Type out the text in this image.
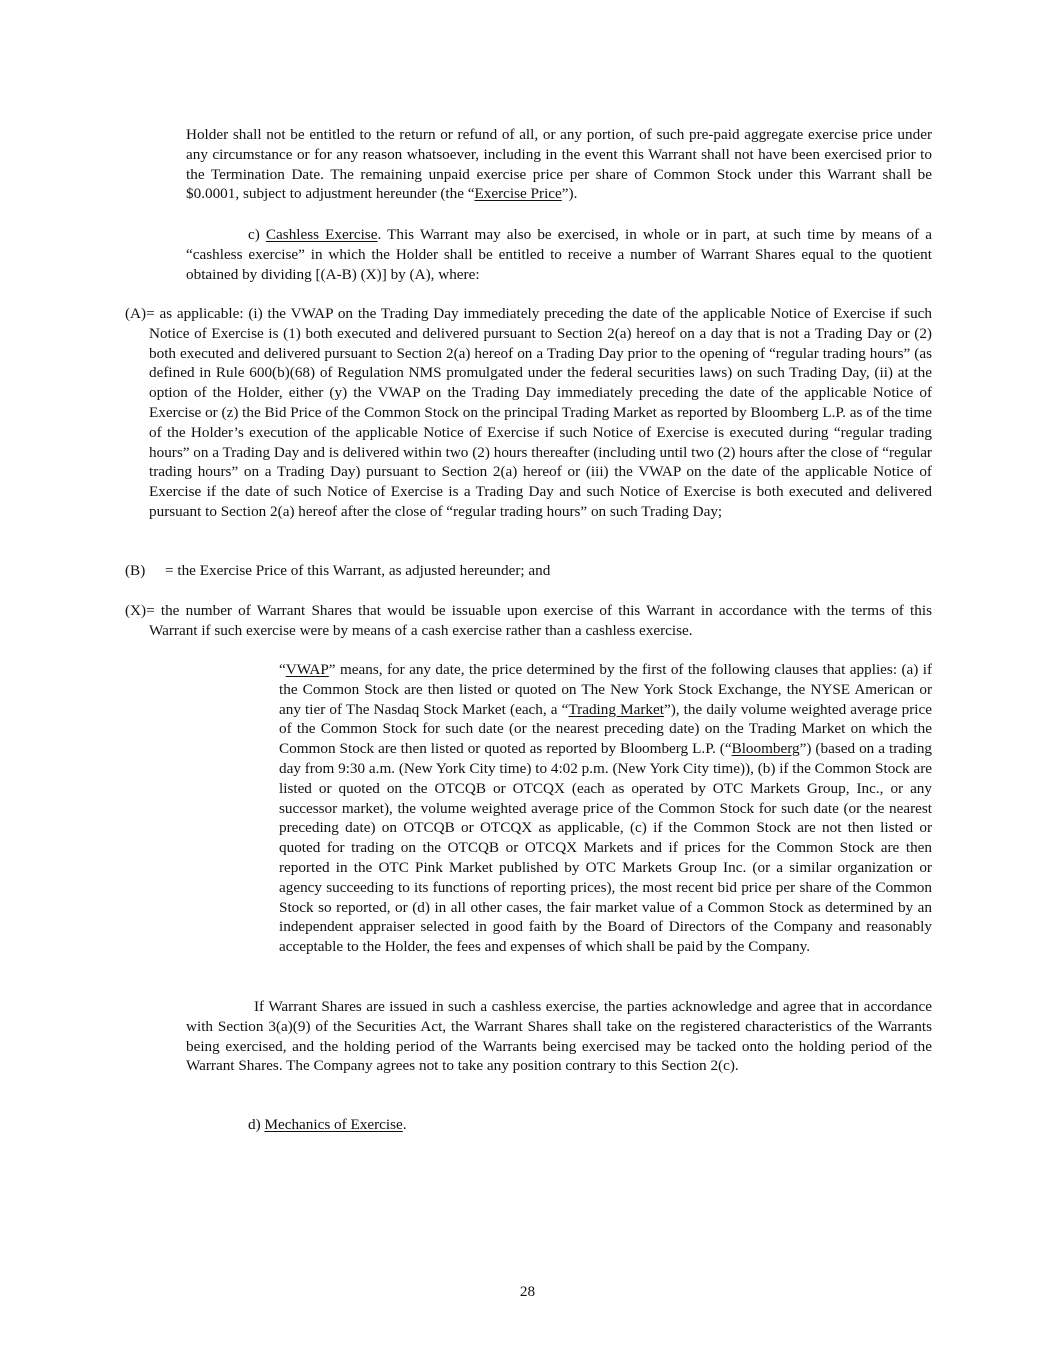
Holder shall not be entitled to the return or refund of all, or any portion, of such pre-paid aggregate exercise price under any circumstance or for any reason whatsoever, including in the event this Warrant shall not have been exercised prior to the Termination Date. The remaining unpaid exercise price per share of Common Stock under this Warrant shall be $0.0001, subject to adjustment hereunder (the “Exercise Price”).

c) Cashless Exercise. This Warrant may also be exercised, in whole or in part, at such time by means of a “cashless exercise” in which the Holder shall be entitled to receive a number of Warrant Shares equal to the quotient obtained by dividing [(A-B) (X)] by (A), where:

(A)= as applicable: (i) the VWAP on the Trading Day immediately preceding the date of the applicable Notice of Exercise if such Notice of Exercise is (1) both executed and delivered pursuant to Section 2(a) hereof on a day that is not a Trading Day or (2) both executed and delivered pursuant to Section 2(a) hereof on a Trading Day prior to the opening of “regular trading hours” (as defined in Rule 600(b)(68) of Regulation NMS promulgated under the federal securities laws) on such Trading Day, (ii) at the option of the Holder, either (y) the VWAP on the Trading Day immediately preceding the date of the applicable Notice of Exercise or (z) the Bid Price of the Common Stock on the principal Trading Market as reported by Bloomberg L.P. as of the time of the Holder’s execution of the applicable Notice of Exercise if such Notice of Exercise is executed during “regular trading hours” on a Trading Day and is delivered within two (2) hours thereafter (including until two (2) hours after the close of “regular trading hours” on a Trading Day) pursuant to Section 2(a) hereof or (iii) the VWAP on the date of the applicable Notice of Exercise if the date of such Notice of Exercise is a Trading Day and such Notice of Exercise is both executed and delivered pursuant to Section 2(a) hereof after the close of “regular trading hours” on such Trading Day;

(B) = the Exercise Price of this Warrant, as adjusted hereunder; and

(X)= the number of Warrant Shares that would be issuable upon exercise of this Warrant in accordance with the terms of this Warrant if such exercise were by means of a cash exercise rather than a cashless exercise.

“VWAP” means, for any date, the price determined by the first of the following clauses that applies: (a) if the Common Stock are then listed or quoted on The New York Stock Exchange, the NYSE American or any tier of The Nasdaq Stock Market (each, a “Trading Market”), the daily volume weighted average price of the Common Stock for such date (or the nearest preceding date) on the Trading Market on which the Common Stock are then listed or quoted as reported by Bloomberg L.P. (“Bloomberg”) (based on a trading day from 9:30 a.m. (New York City time) to 4:02 p.m. (New York City time)), (b) if the Common Stock are listed or quoted on the OTCQB or OTCQX (each as operated by OTC Markets Group, Inc., or any successor market), the volume weighted average price of the Common Stock for such date (or the nearest preceding date) on OTCQB or OTCQX as applicable, (c) if the Common Stock are not then listed or quoted for trading on the OTCQB or OTCQX Markets and if prices for the Common Stock are then reported in the OTC Pink Market published by OTC Markets Group Inc. (or a similar organization or agency succeeding to its functions of reporting prices), the most recent bid price per share of the Common Stock so reported, or (d) in all other cases, the fair market value of a Common Stock as determined by an independent appraiser selected in good faith by the Board of Directors of the Company and reasonably acceptable to the Holder, the fees and expenses of which shall be paid by the Company.

If Warrant Shares are issued in such a cashless exercise, the parties acknowledge and agree that in accordance with Section 3(a)(9) of the Securities Act, the Warrant Shares shall take on the registered characteristics of the Warrants being exercised, and the holding period of the Warrants being exercised may be tacked onto the holding period of the Warrant Shares. The Company agrees not to take any position contrary to this Section 2(c).

d) Mechanics of Exercise.

28
